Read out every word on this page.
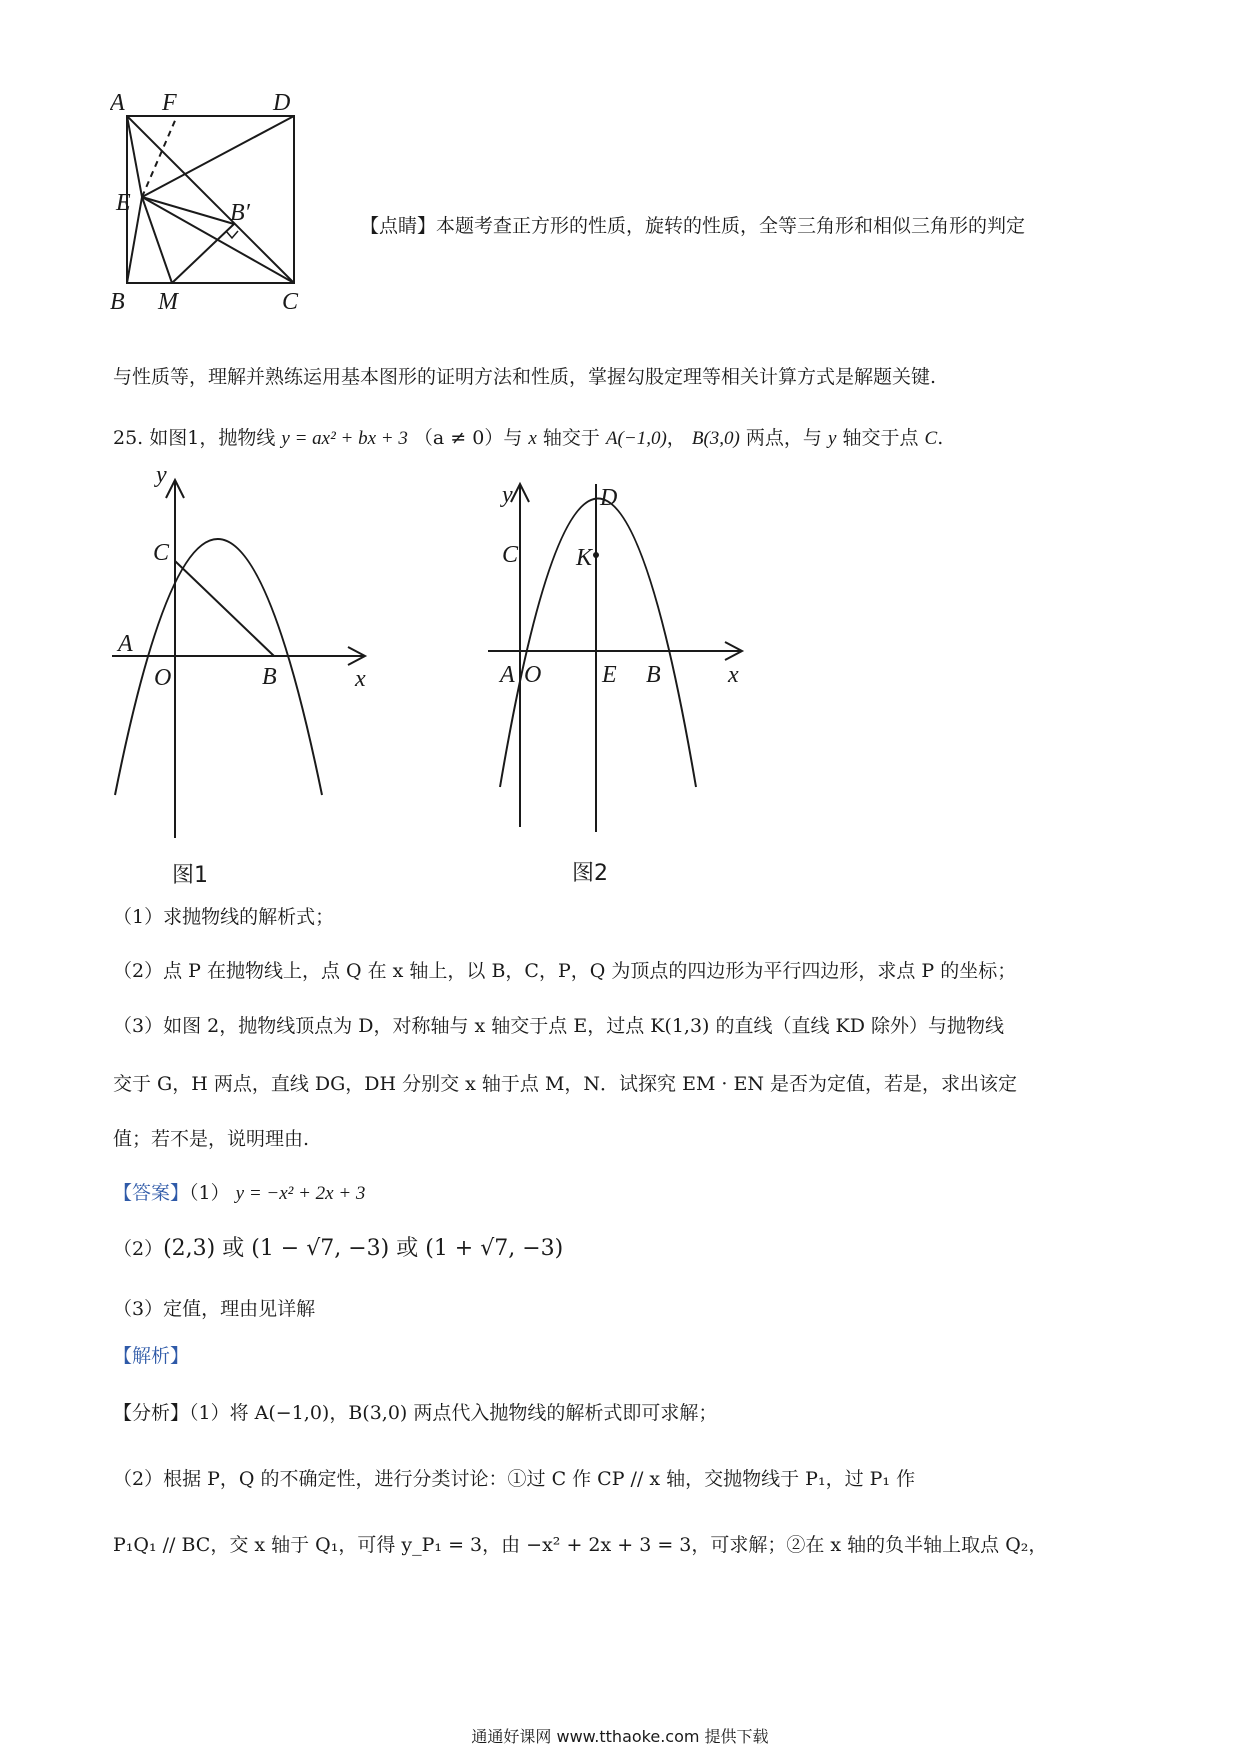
A F	D
E	B′
B M	C
【点睛】本题考查正方形的性质，旋转的性质，全等三角形和相似三角形的判定
与性质等，理解并熟练运用基本图形的证明方法和性质，掌握勾股定理等相关计算方式是解题关键.
25. 如图1，抛物线 y = ax² + bx + 3 （a ≠ 0）与 x 轴交于 A(−1,0)， B(3,0) 两点，与 y 轴交于点 C.
y
x
C
A
O	B
图1
y
x
D
C K
A O	E B
图2
（1）求抛物线的解析式；
（2）点 P 在抛物线上，点 Q 在 x 轴上，以 B，C，P，Q 为顶点的四边形为平行四边形，求点 P 的坐标；
（3）如图 2，抛物线顶点为 D，对称轴与 x 轴交于点 E，过点 K(1,3) 的直线（直线 KD 除外）与抛物线
交于 G，H 两点，直线 DG，DH 分别交 x 轴于点 M，N．试探究 EM · EN 是否为定值，若是，求出该定
值；若不是，说明理由.
【答案】（1） y = −x² + 2x + 3
（2）(2,3) 或 (1 − √7, −3) 或 (1 + √7, −3)
（3）定值，理由见详解
【解析】
【分析】（1）将 A(−1,0)，B(3,0) 两点代入抛物线的解析式即可求解；
（2）根据 P，Q 的不确定性，进行分类讨论：①过 C 作 CP // x 轴，交抛物线于 P₁，过 P₁ 作
P₁Q₁ // BC，交 x 轴于 Q₁，可得 y_P₁ = 3，由 −x² + 2x + 3 = 3，可求解；②在 x 轴的负半轴上取点 Q₂，
通通好课网 www.tthaoke.com 提供下载
